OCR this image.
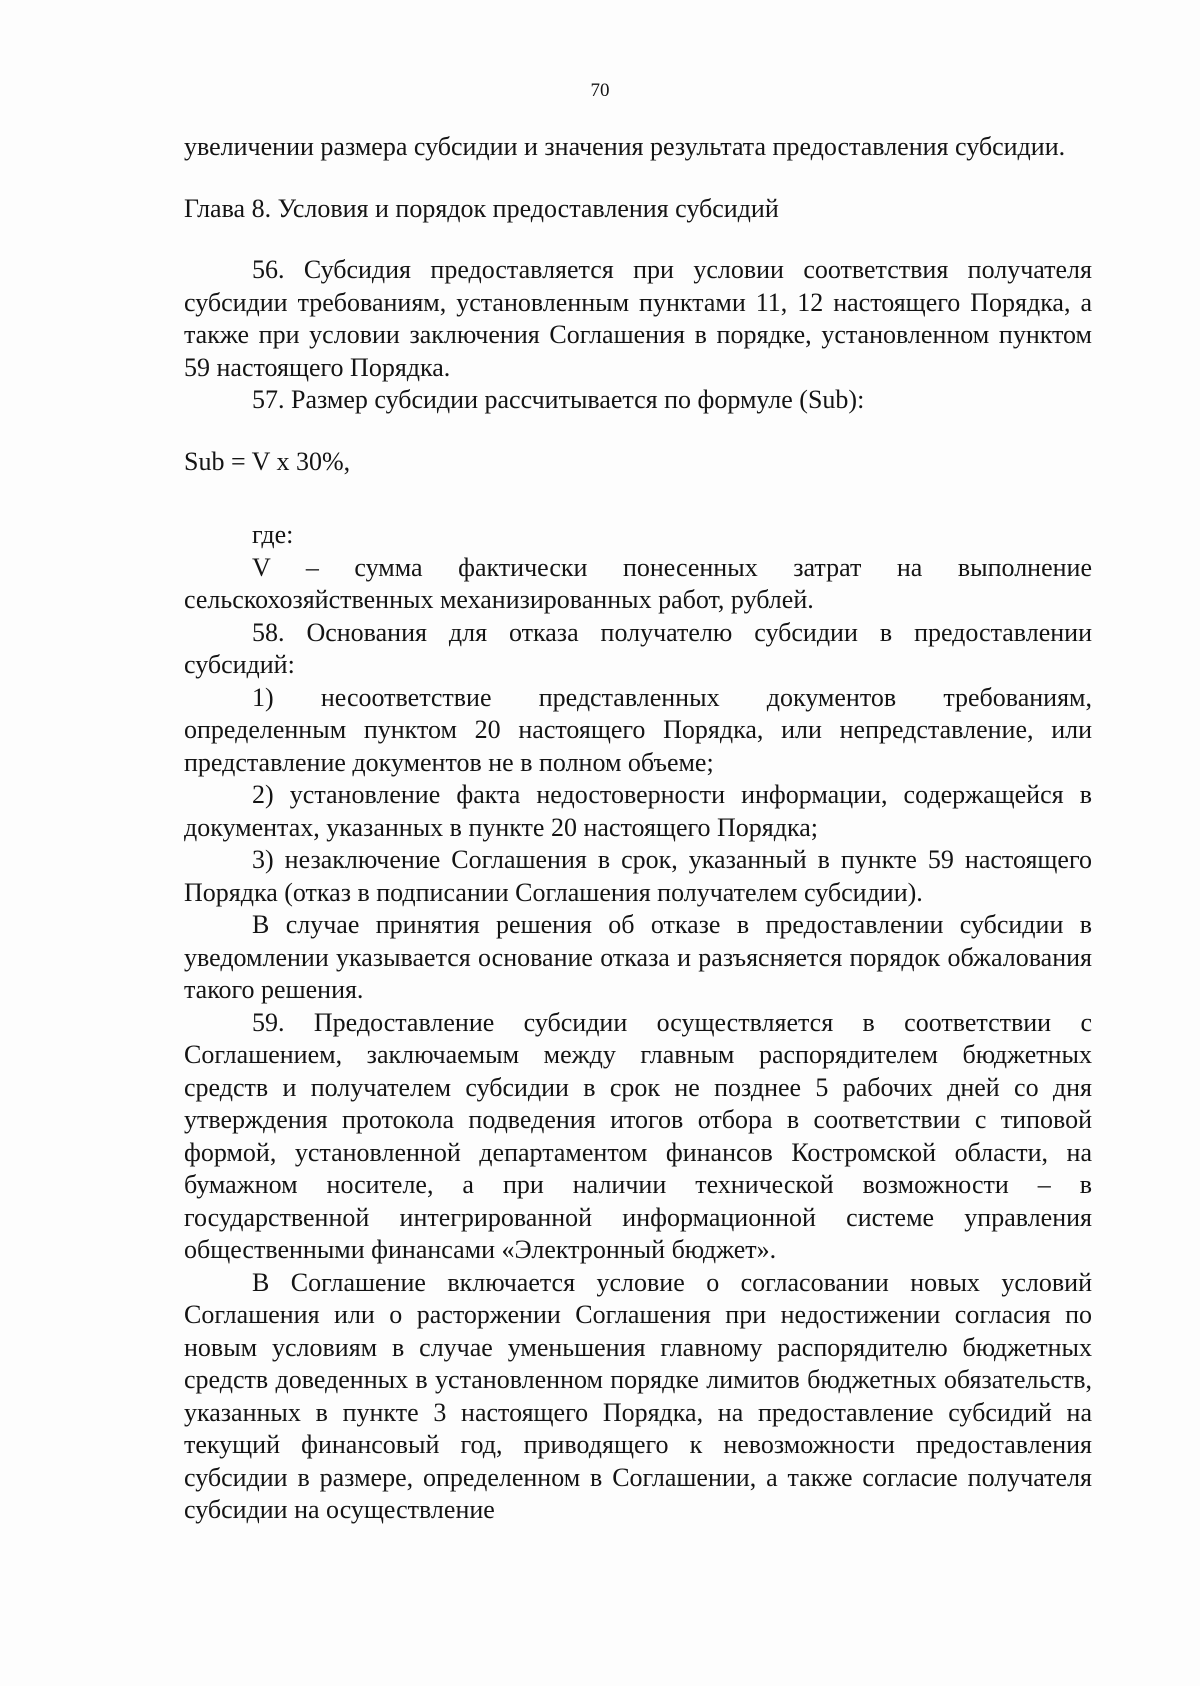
70

увеличении размера субсидии и значения результата предоставления субсидии.

Глава 8. Условия и порядок предоставления субсидий

56. Субсидия предоставляется при условии соответствия получателя субсидии требованиям, установленным пунктами 11, 12 настоящего Порядка, а также при условии заключения Соглашения в порядке, установленном пунктом 59 настоящего Порядка.

57. Размер субсидии рассчитывается по формуле (Sub):

Sub = V x 30%,

где:

V – сумма фактически понесенных затрат на выполнение сельскохозяйственных механизированных работ, рублей.

58. Основания для отказа получателю субсидии в предоставлении субсидий:

1) несоответствие представленных документов требованиям, определенным пунктом 20 настоящего Порядка, или непредставление, или представление документов не в полном объеме;

2) установление факта недостоверности информации, содержащейся в документах, указанных в пункте 20 настоящего Порядка;

3) незаключение Соглашения в срок, указанный в пункте 59 настоящего Порядка (отказ в подписании Соглашения получателем субсидии).

В случае принятия решения об отказе в предоставлении субсидии в уведомлении указывается основание отказа и разъясняется порядок обжалования такого решения.

59. Предоставление субсидии осуществляется в соответствии с Соглашением, заключаемым между главным распорядителем бюджетных средств и получателем субсидии в срок не позднее 5 рабочих дней со дня утверждения протокола подведения итогов отбора в соответствии с типовой формой, установленной департаментом финансов Костромской области, на бумажном носителе, а при наличии технической возможности – в государственной интегрированной информационной системе управления общественными финансами «Электронный бюджет».

В Соглашение включается условие о согласовании новых условий Соглашения или о расторжении Соглашения при недостижении согласия по новым условиям в случае уменьшения главному распорядителю бюджетных средств доведенных в установленном порядке лимитов бюджетных обязательств, указанных в пункте 3 настоящего Порядка, на предоставление субсидий на текущий финансовый год, приводящего к невозможности предоставления субсидии в размере, определенном в Соглашении, а также согласие получателя субсидии на осуществление
